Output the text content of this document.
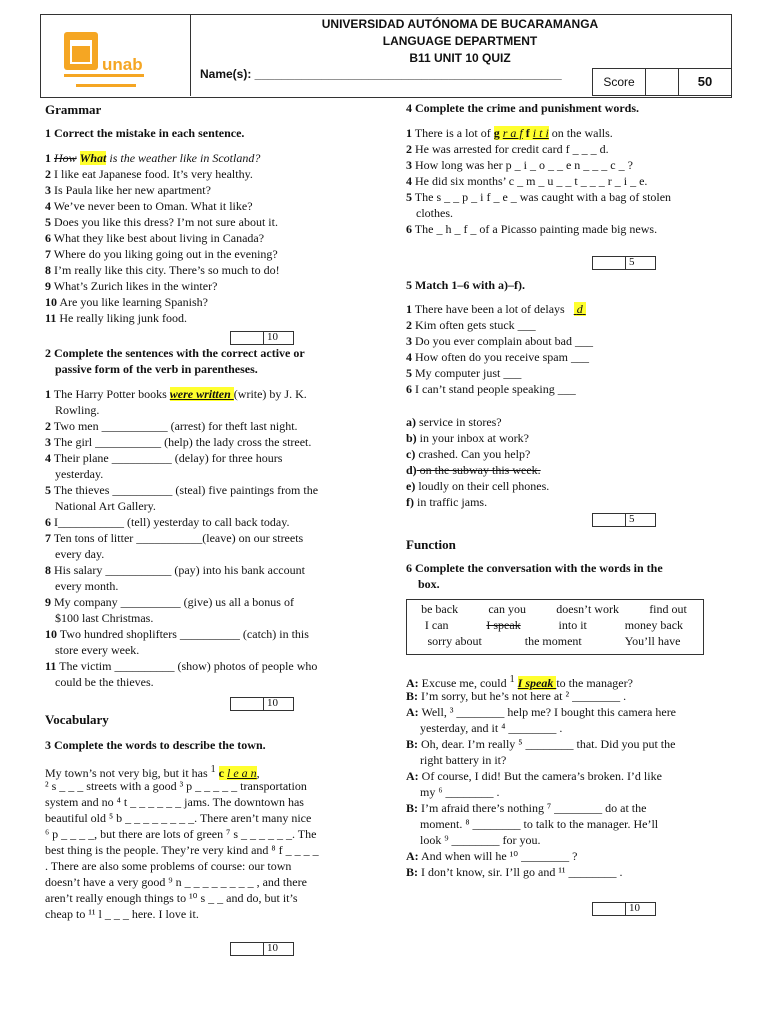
unab
UNIVERSIDAD AUTÓNOMA DE BUCARAMANGA
LANGUAGE DEPARTMENT
B11 UNIT 10 QUIZ
Name(s): ______________________________________________
Score	50
Grammar
1 Correct the mistake in each sentence.
1 How What is the weather like in Scotland?
2 I like eat Japanese food. It’s very healthy.
3 Is Paula like her new apartment?
4 We’ve never been to Oman. What it like?
5 Does you like this dress? I’m not sure about it.
6 What they like best about living in Canada?
7 Where do you liking going out in the evening?
8 I’m really like this city. There’s so much to do!
9 What’s Zurich likes in the winter?
10 Are you like learning Spanish?
11 He really liking junk food.
10
2 Complete the sentences with the correct active or
passive form of the verb in parentheses.
1 The Harry Potter books were written (write) by J. K.
Rowling.
2 Two men ___________ (arrest) for theft last night.
3 The girl ___________ (help) the lady cross the street.
4 Their plane __________ (delay) for three hours
yesterday.
5 The thieves __________ (steal) five paintings from the
National Art Gallery.
6 I___________ (tell) yesterday to call back today.
7 Ten tons of litter ___________(leave) on our streets
every day.
8 His salary ___________ (pay) into his bank account
every month.
9 My company __________ (give) us all a bonus of
$100 last Christmas.
10 Two hundred shoplifters __________ (catch) in this
store every week.
11 The victim __________ (show) photos of people who
could be the thieves.
10
Vocabulary
3 Complete the words to describe the town.
My town’s not very big, but it has $^1$ c l e a n,
² s _ _ _ streets with a good ³ p _ _ _ _ _ transportation
system and no ⁴ t _ _ _ _ _ _ jams. The downtown has
beautiful old ⁵ b _ _ _ _ _ _ _ _. There aren’t many nice
⁶ p _ _ _ _, but there are lots of green ⁷ s _ _ _ _ _ _. The
best thing is the people. They’re very kind and ⁸ f _ _ _ _
. There are also some problems of course: our town
doesn’t have a very good ⁹ n _ _ _ _ _ _ _ _ , and there
aren’t really enough things to ¹⁰ s _ _ and do, but it’s
cheap to ¹¹ l _ _ _ here. I love it.
10
4 Complete the crime and punishment words.
1 There is a lot of g r a f f i t i on the walls.
2 He was arrested for credit card f _ _ _ d.
3 How long was her p _ i _ o _ _ e n _ _ _ c _ ?
4 He did six months’ c _ m _ u _ _ t _ _ _ r _ i _ e.
5 The s _ _ p _ i f _ e _ was caught with a bag of stolen
clothes.
6 The _ h _ f _ of a Picasso painting made big news.
5
5 Match 1–6 with a)–f).
1 There have been a lot of delays    d
2 Kim often gets stuck ___
3 Do you ever complain about bad ___
4 How often do you receive spam ___
5 My computer just ___
6 I can’t stand people speaking ___
a) service in stores?
b) in your inbox at work?
c) crashed. Can you help?
d) on the subway this week.
e) loudly on their cell phones.
f) in traffic jams.
5
Function
6 Complete the conversation with the words in the
box.
be back	can you	doesn’t work	find out
I can	I speak	into it	money back
sorry about	the moment	You’ll have
A: Excuse me, could $^1$ I speak to the manager?
B: I’m sorry, but he’s not here at ² ________ .
A: Well, ³ ________ help me? I bought this camera here
yesterday, and it ⁴ ________ .
B: Oh, dear. I’m really ⁵ ________ that. Did you put the
right battery in it?
A: Of course, I did! But the camera’s broken. I’d like
my ⁶ ________ .
B: I’m afraid there’s nothing ⁷ ________ do at the
moment. ⁸ ________ to talk to the manager. He’ll
look ⁹ ________ for you.
A: And when will he ¹⁰ ________ ?
B: I don’t know, sir. I’ll go and ¹¹ ________ .
10
